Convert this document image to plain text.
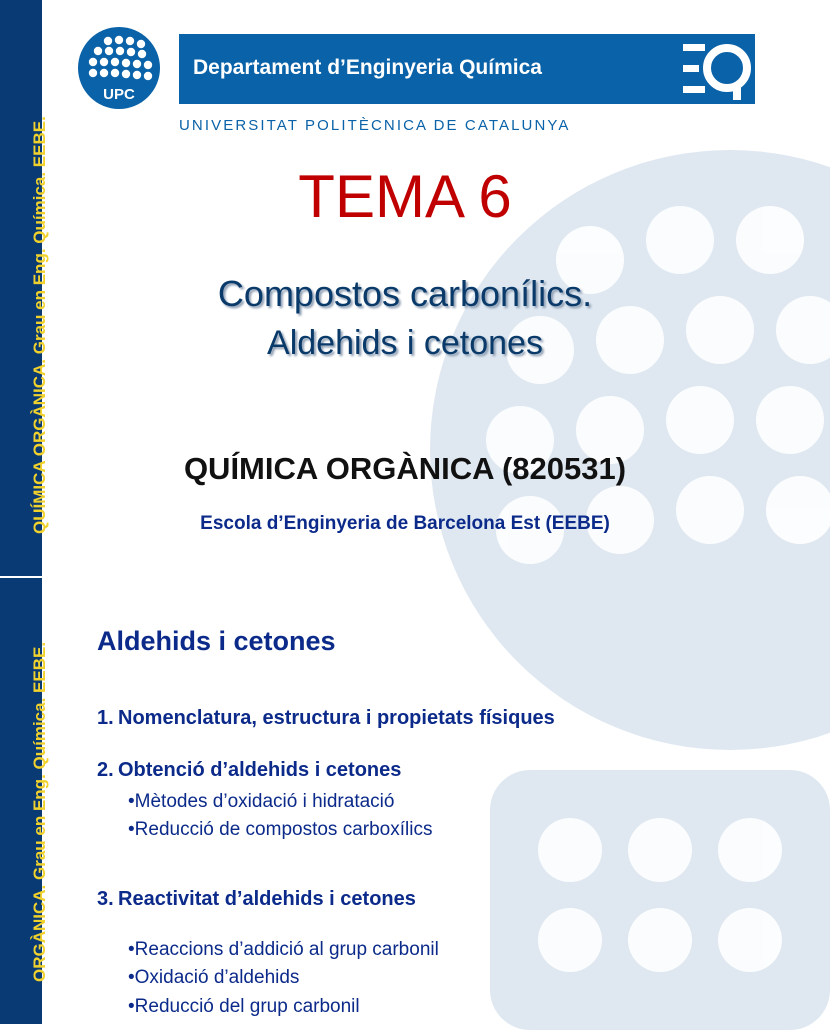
QUÍMICA ORGÀNICA. Grau en Eng. Química. EEBE.
ORGÀNICA. Grau en Eng. Química. EEBE.
UPC
Departament d’Enginyeria Química
UNIVERSITAT POLITÈCNICA DE CATALUNYA
TEMA 6
Compostos carbonílics.
Aldehids i cetones
QUÍMICA ORGÀNICA (820531)
Escola d’Enginyeria de Barcelona Est (EEBE)
Aldehids i cetones
1. Nomenclatura, estructura i propietats físiques
2. Obtenció d’aldehids i cetones
•Mètodes d’oxidació i hidratació
•Reducció de compostos carboxílics
3. Reactivitat d’aldehids i cetones
•Reaccions d’addició al grup carbonil
•Oxidació d’aldehids
•Reducció del grup carbonil
